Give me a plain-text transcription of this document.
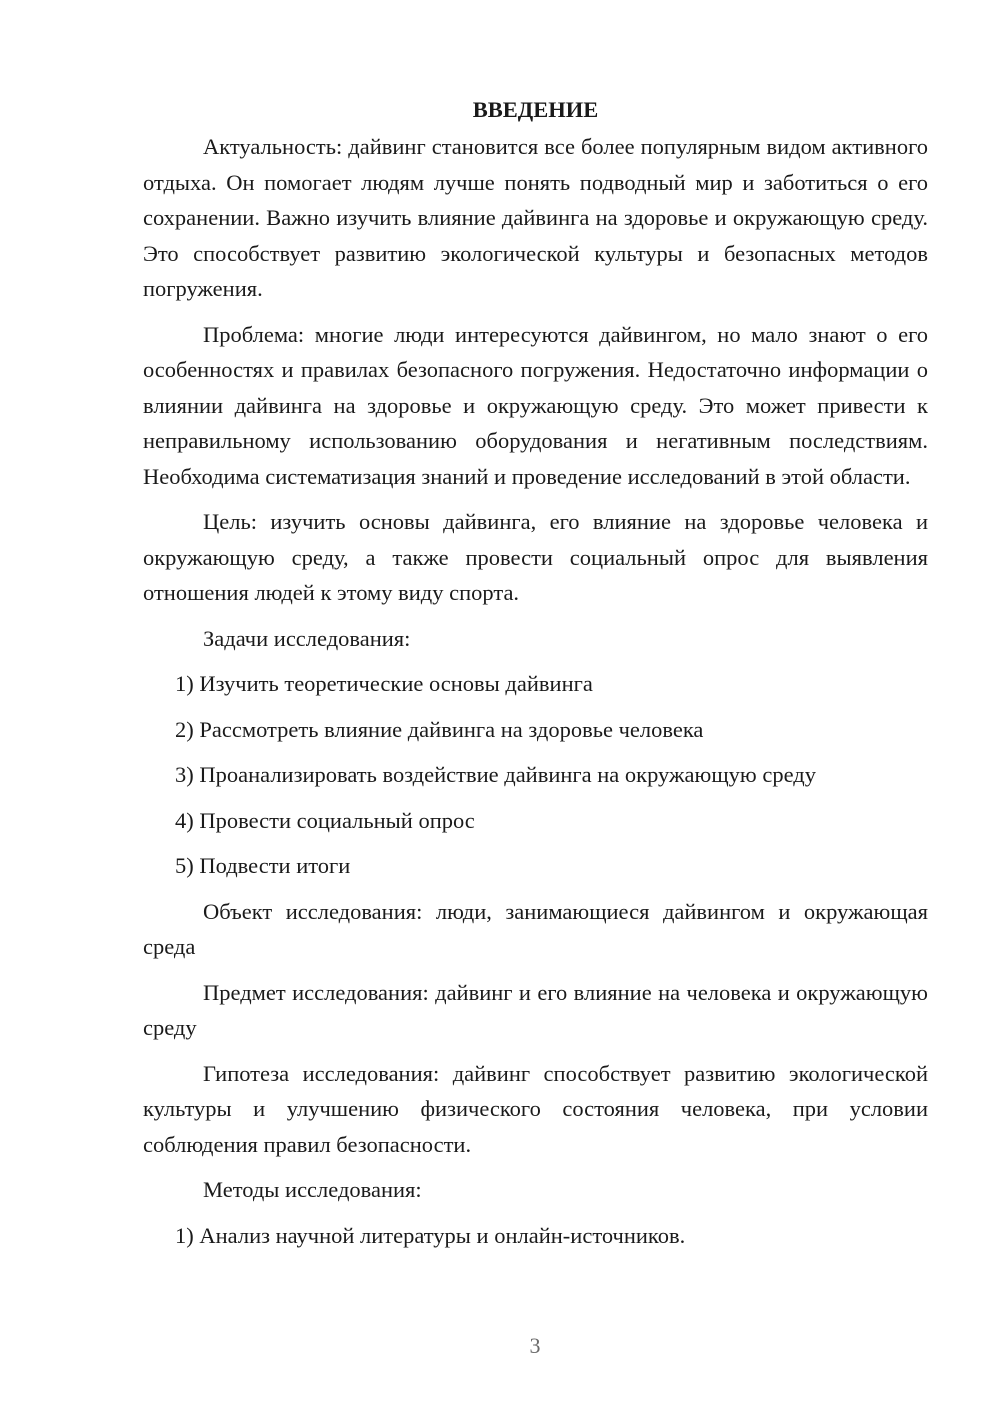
ВВЕДЕНИЕ

Актуальность: дайвинг становится все более популярным видом активного отдыха. Он помогает людям лучше понять подводный мир и заботиться о его сохранении. Важно изучить влияние дайвинга на здоровье и окружающую среду. Это способствует развитию экологической культуры и безопасных методов погружения.

Проблема: многие люди интересуются дайвингом, но мало знают о его особенностях и правилах безопасного погружения. Недостаточно информации о влиянии дайвинга на здоровье и окружающую среду. Это может привести к неправильному использованию оборудования и негативным последствиям. Необходима систематизация знаний и проведение исследований в этой области.

Цель: изучить основы дайвинга, его влияние на здоровье человека и окружающую среду, а также провести социальный опрос для выявления отношения людей к этому виду спорта.

Задачи исследования:

1) Изучить теоретические основы дайвинга

2) Рассмотреть влияние дайвинга на здоровье человека

3) Проанализировать воздействие дайвинга на окружающую среду

4) Провести социальный опрос

5) Подвести итоги

Объект исследования: люди, занимающиеся дайвингом и окружающая среда

Предмет исследования: дайвинг и его влияние на человека и окружающую среду

Гипотеза исследования: дайвинг способствует развитию экологической культуры и улучшению физического состояния человека, при условии соблюдения правил безопасности.

Методы исследования:

1) Анализ научной литературы и онлайн-источников.

3
